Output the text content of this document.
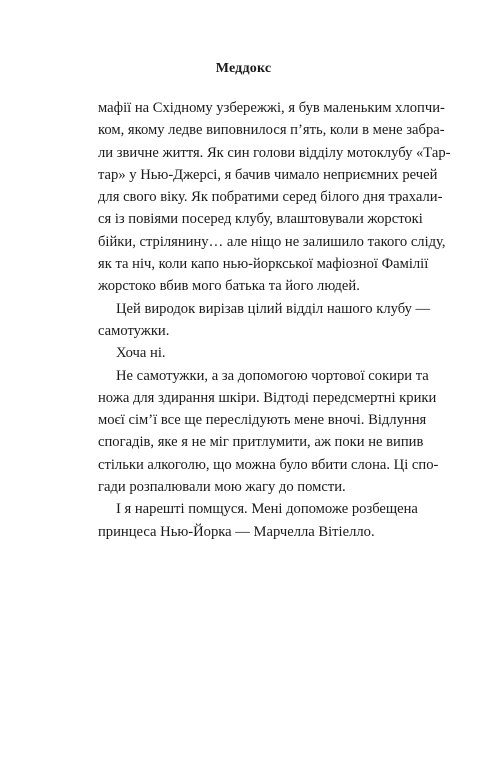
Меддокс

мафії на Східному узбережжі, я був маленьким хлопчи-
ком, якому ледве виповнилося п’ять, коли в мене забра-
ли звичне життя. Як син голови відділу мотоклубу «Тар-
тар» у Нью-Джерсі, я бачив чимало неприємних речей
для свого віку. Як побратими серед білого дня трахали-
ся із повіями посеред клубу, влаштовували жорстокі
бійки, стрілянину… але ніщо не залишило такого сліду,
як та ніч, коли капо нью-йоркської мафіозної Фамілії
жорстоко вбив мого батька та його людей.

Цей виродок вирізав цілий відділ нашого клубу —
самотужки.

Хоча ні.

Не самотужки, а за допомогою чортової сокири та
ножа для здирання шкіри. Відтоді передсмертні крики
моєї сім’ї все ще переслідують мене вночі. Відлуння
спогадів, яке я не міг притлумити, аж поки не випив
стільки алкоголю, що можна було вбити слона. Ці спо-
гади розпалювали мою жагу до помсти.

І я нарешті помщуся. Мені допоможе розбещена
принцеса Нью-Йорка — Марчелла Вітіелло.
